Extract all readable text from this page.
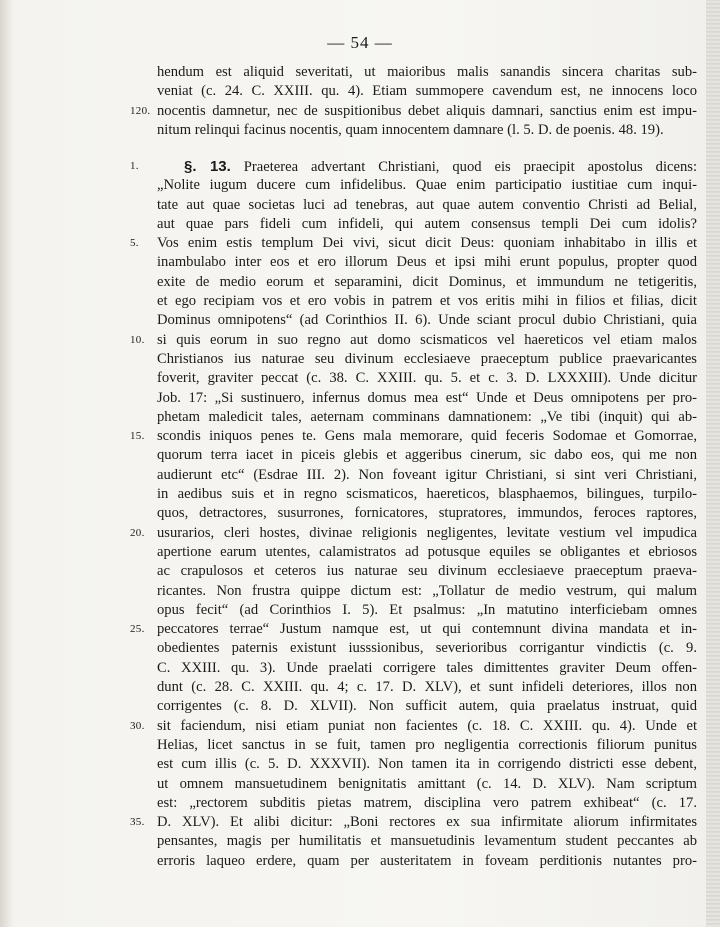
— 54 —
hendum est aliquid severitati, ut maioribus malis sanandis sincera charitas sub-
veniat (c. 24. C. XXIII. qu. 4). Etiam summopere cavendum est, ne innocens loco
120. nocentis damnetur, nec de suspitionibus debet aliquis damnari, sanctius enim est impu-
nitum relinqui facinus nocentis, quam innocentem damnare (l. 5. D. de poenis. 48. 19).
1.	§. 13. Praeterea advertant Christiani, quod eis praecipit apostolus dicens:
„Nolite iugum ducere cum infidelibus. Quae enim participatio iustitiae cum inqui-
tate aut quae societas luci ad tenebras, aut quae autem conventio Christi ad Belial,
aut quae pars fideli cum infideli, qui autem consensus templi Dei cum idolis?
5.	Vos enim estis templum Dei vivi, sicut dicit Deus: quoniam inhabitabo in illis et
inambulabo inter eos et ero illorum Deus et ipsi mihi erunt populus, propter quod
exite de medio eorum et separamini, dicit Dominus, et immundum ne tetigeritis,
et ego recipiam vos et ero vobis in patrem et vos eritis mihi in filios et filias, dicit
Dominus omnipotens“ (ad Corinthios II. 6). Unde sciant procul dubio Christiani, quia
10. si quis eorum in suo regno aut domo scismaticos vel haereticos vel etiam malos
Christianos ius naturae seu divinum ecclesiaeve praeceptum publice praevaricantes
foverit, graviter peccat (c. 38. C. XXIII. qu. 5. et c. 3. D. LXXXIII). Unde dicitur
Job. 17: „Si sustinuero, infernus domus mea est“ Unde et Deus omnipotens per pro-
phetam maledicit tales, aeternam comminans damnationem: „Ve tibi (inquit) qui ab-
15. scondis iniquos penes te. Gens mala memorare, quid feceris Sodomae et Gomorrae,
quorum terra iacet in piceis glebis et aggeribus cinerum, sic dabo eos, qui me non
audierunt etc“ (Esdrae III. 2). Non foveant igitur Christiani, si sint veri Christiani,
in aedibus suis et in regno scismaticos, haereticos, blasphaemos, bilingues, turpilo-
quos, detractores, susurrones, fornicatores, stupratores, immundos, feroces raptores,
20. usurarios, cleri hostes, divinae religionis negligentes, levitate vestium vel impudica
apertione earum utentes, calamistratos ad potusque equiles se obligantes et ebriosos
ac crapulosos et ceteros ius naturae seu divinum ecclesiaeve praeceptum praeva-
ricantes. Non frustra quippe dictum est: „Tollatur de medio vestrum, qui malum
opus fecit“ (ad Corinthios I. 5). Et psalmus: „In matutino interficiebam omnes
25. peccatores terrae“ Justum namque est, ut qui contemnunt divina mandata et in-
obedientes paternis existunt iusssionibus, severioribus corrigantur vindictis (c. 9.
C. XXIII. qu. 3). Unde praelati corrigere tales dimittentes graviter Deum offen-
dunt (c. 28. C. XXIII. qu. 4; c. 17. D. XLV), et sunt infideli deteriores, illos non
corrigentes (c. 8. D. XLVII). Non sufficit autem, quia praelatus instruat, quid
30. sit faciendum, nisi etiam puniat non facientes (c. 18. C. XXIII. qu. 4). Unde et
Helias, licet sanctus in se fuit, tamen pro negligentia correctionis filiorum punitus
est cum illis (c. 5. D. XXXVII). Non tamen ita in corrigendo districti esse debent,
ut omnem mansuetudinem benignitatis amittant (c. 14. D. XLV). Nam scriptum
est: „rectorem subditis pietas matrem, disciplina vero patrem exhibeat“ (c. 17.
35. D. XLV). Et alibi dicitur: „Boni rectores ex sua infirmitate aliorum infirmitates
pensantes, magis per humilitatis et mansuetudinis levamentum student peccantes ab
erroris laqueo erdere, quam per austeritatem in foveam perditionis nutantes pro-
